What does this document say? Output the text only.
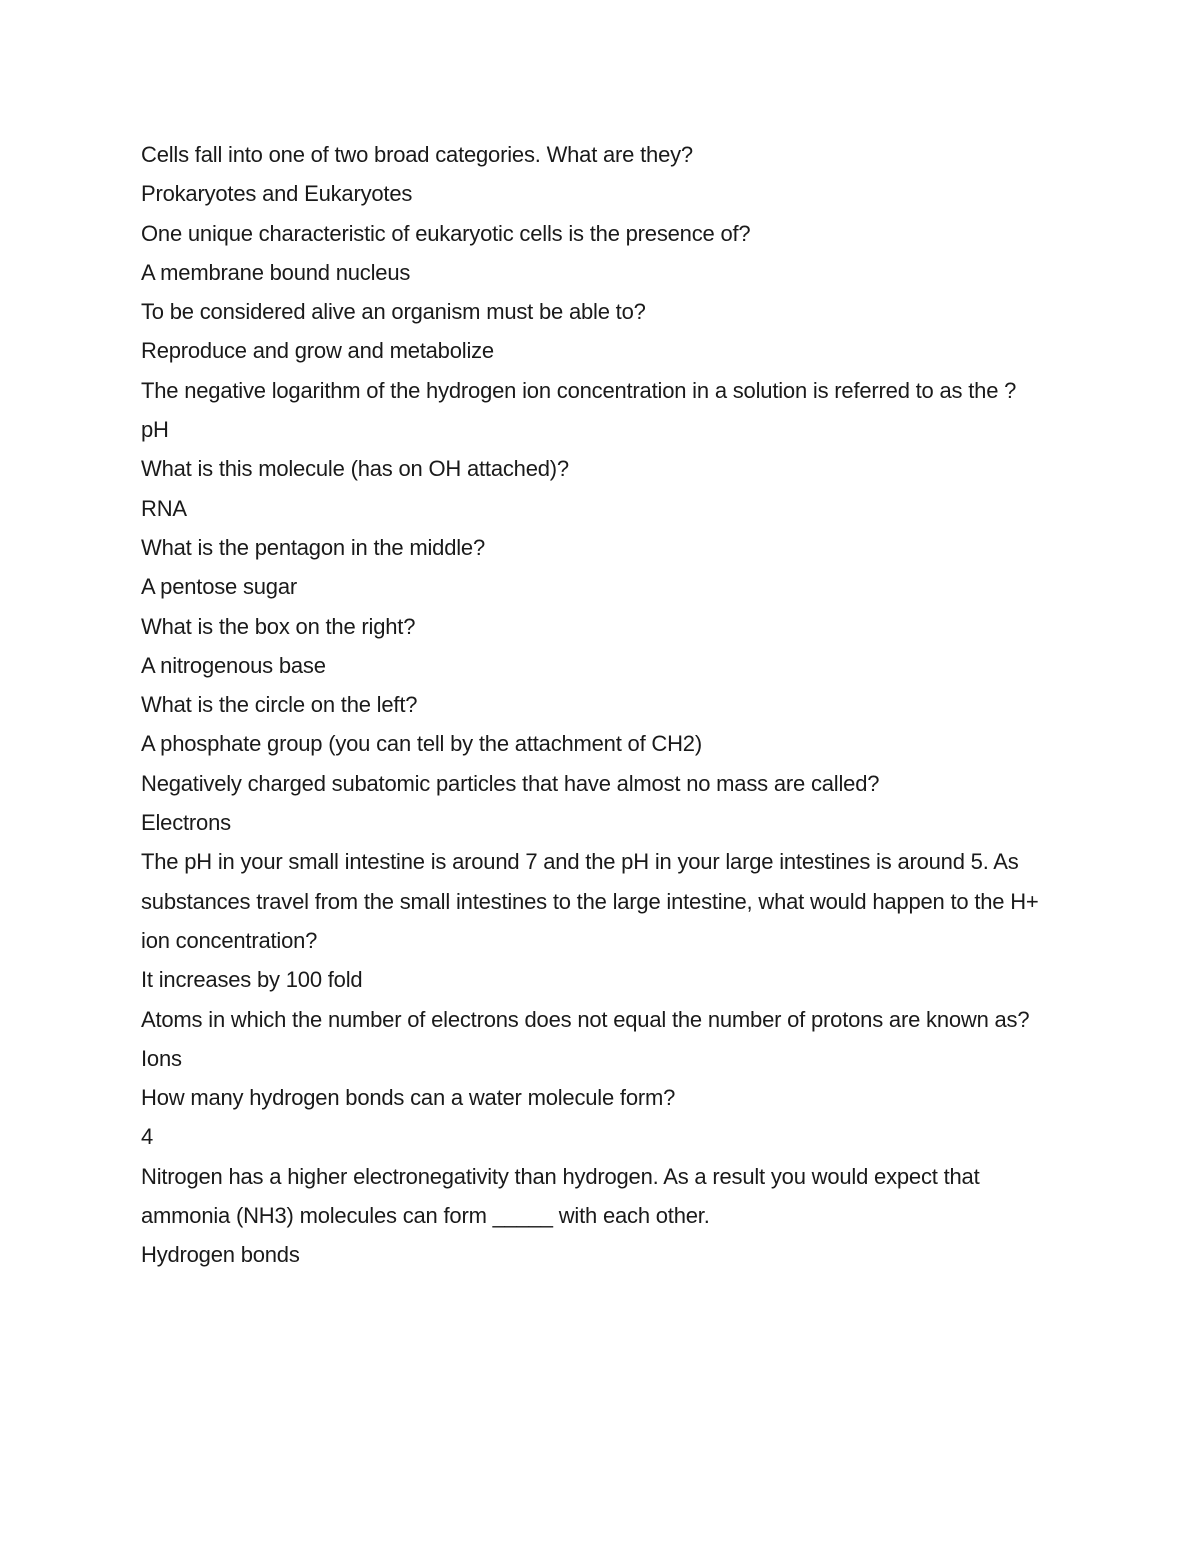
Cells fall into one of two broad categories. What are they?

Prokaryotes and Eukaryotes

One unique characteristic of eukaryotic cells is the presence of?

A membrane bound nucleus

To be considered alive an organism must be able to?

Reproduce and grow and metabolize

The negative logarithm of the hydrogen ion concentration in a solution is referred to as the ?

pH

What is this molecule (has on OH attached)?

RNA

What is the pentagon in the middle?

A pentose sugar

What is the box on the right?

A nitrogenous base

What is the circle on the left?

A phosphate group (you can tell by the attachment of CH2)

Negatively charged subatomic particles that have almost no mass are called?

Electrons

The pH in your small intestine is around 7 and the pH in your large intestines is around 5. As substances travel from the small intestines to the large intestine, what would happen to the H+ ion concentration?

It increases by 100 fold

Atoms in which the number of electrons does not equal the number of protons are known as?

Ions

How many hydrogen bonds can a water molecule form?

4

Nitrogen has a higher electronegativity than hydrogen. As a result you would expect that ammonia (NH3) molecules can form _____ with each other.

Hydrogen bonds
